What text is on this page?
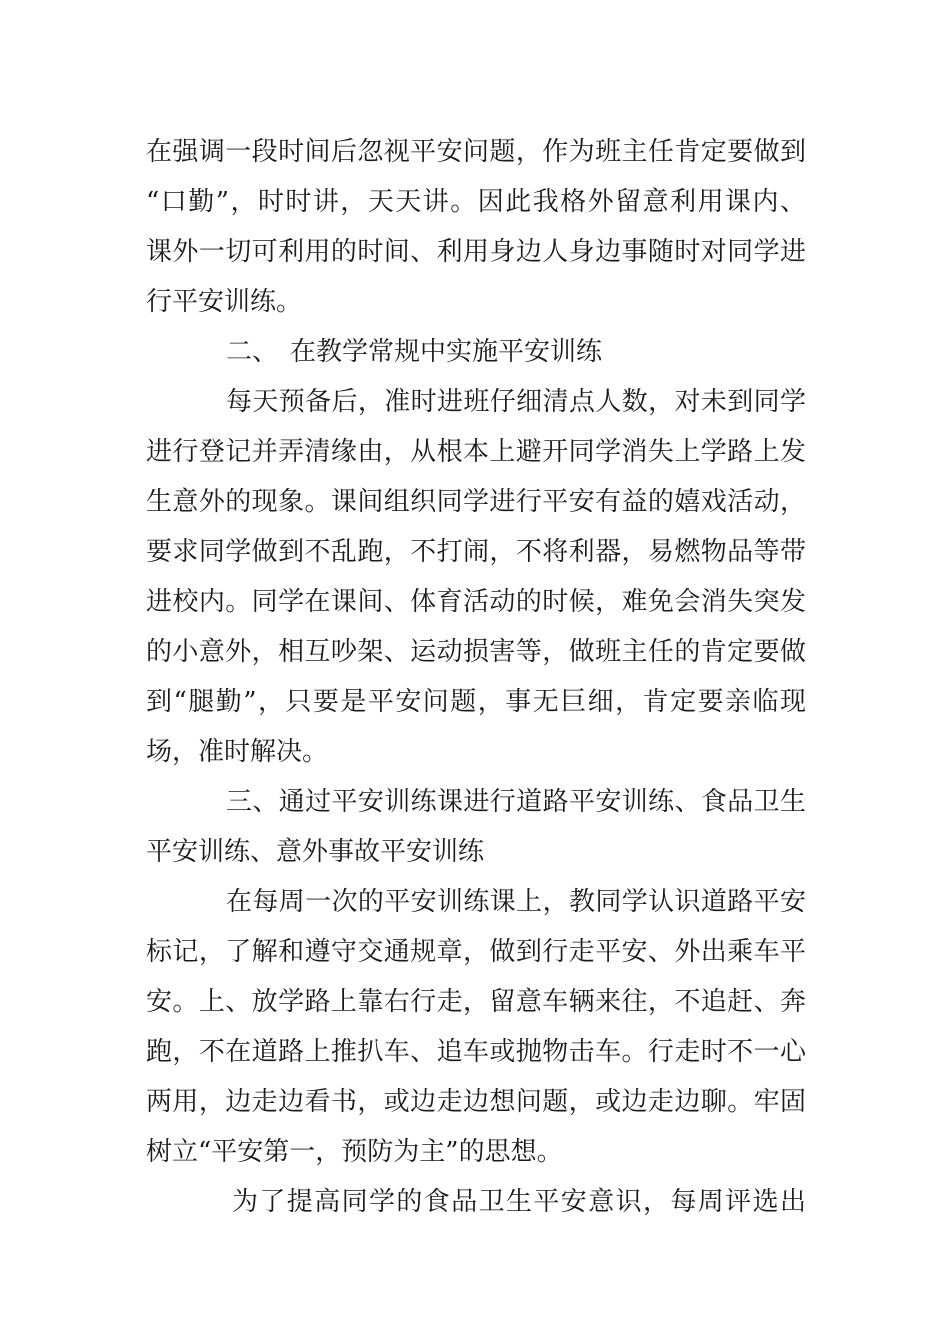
在强调一段时间后忽视平安问题，作为班主任肯定要做到
“口勤”，时时讲，天天讲。因此我格外留意利用课内、
课外一切可利用的时间、利用身边人身边事随时对同学进
行平安训练。
二、 在教学常规中实施平安训练
每天预备后，准时进班仔细清点人数，对未到同学
进行登记并弄清缘由，从根本上避开同学消失上学路上发
生意外的现象。课间组织同学进行平安有益的嬉戏活动，
要求同学做到不乱跑，不打闹，不将利器，易燃物品等带
进校内。同学在课间、体育活动的时候，难免会消失突发
的小意外，相互吵架、运动损害等，做班主任的肯定要做
到“腿勤”，只要是平安问题，事无巨细，肯定要亲临现
场，准时解决。
三、通过平安训练课进行道路平安训练、食品卫生
平安训练、意外事故平安训练
在每周一次的平安训练课上，教同学认识道路平安
标记，了解和遵守交通规章，做到行走平安、外出乘车平
安。上、放学路上靠右行走，留意车辆来往，不追赶、奔
跑，不在道路上推扒车、追车或抛物击车。行走时不一心
两用，边走边看书，或边走边想问题，或边走边聊。牢固
树立“平安第一，预防为主”的思想。
为了提高同学的食品卫生平安意识，每周评选出
